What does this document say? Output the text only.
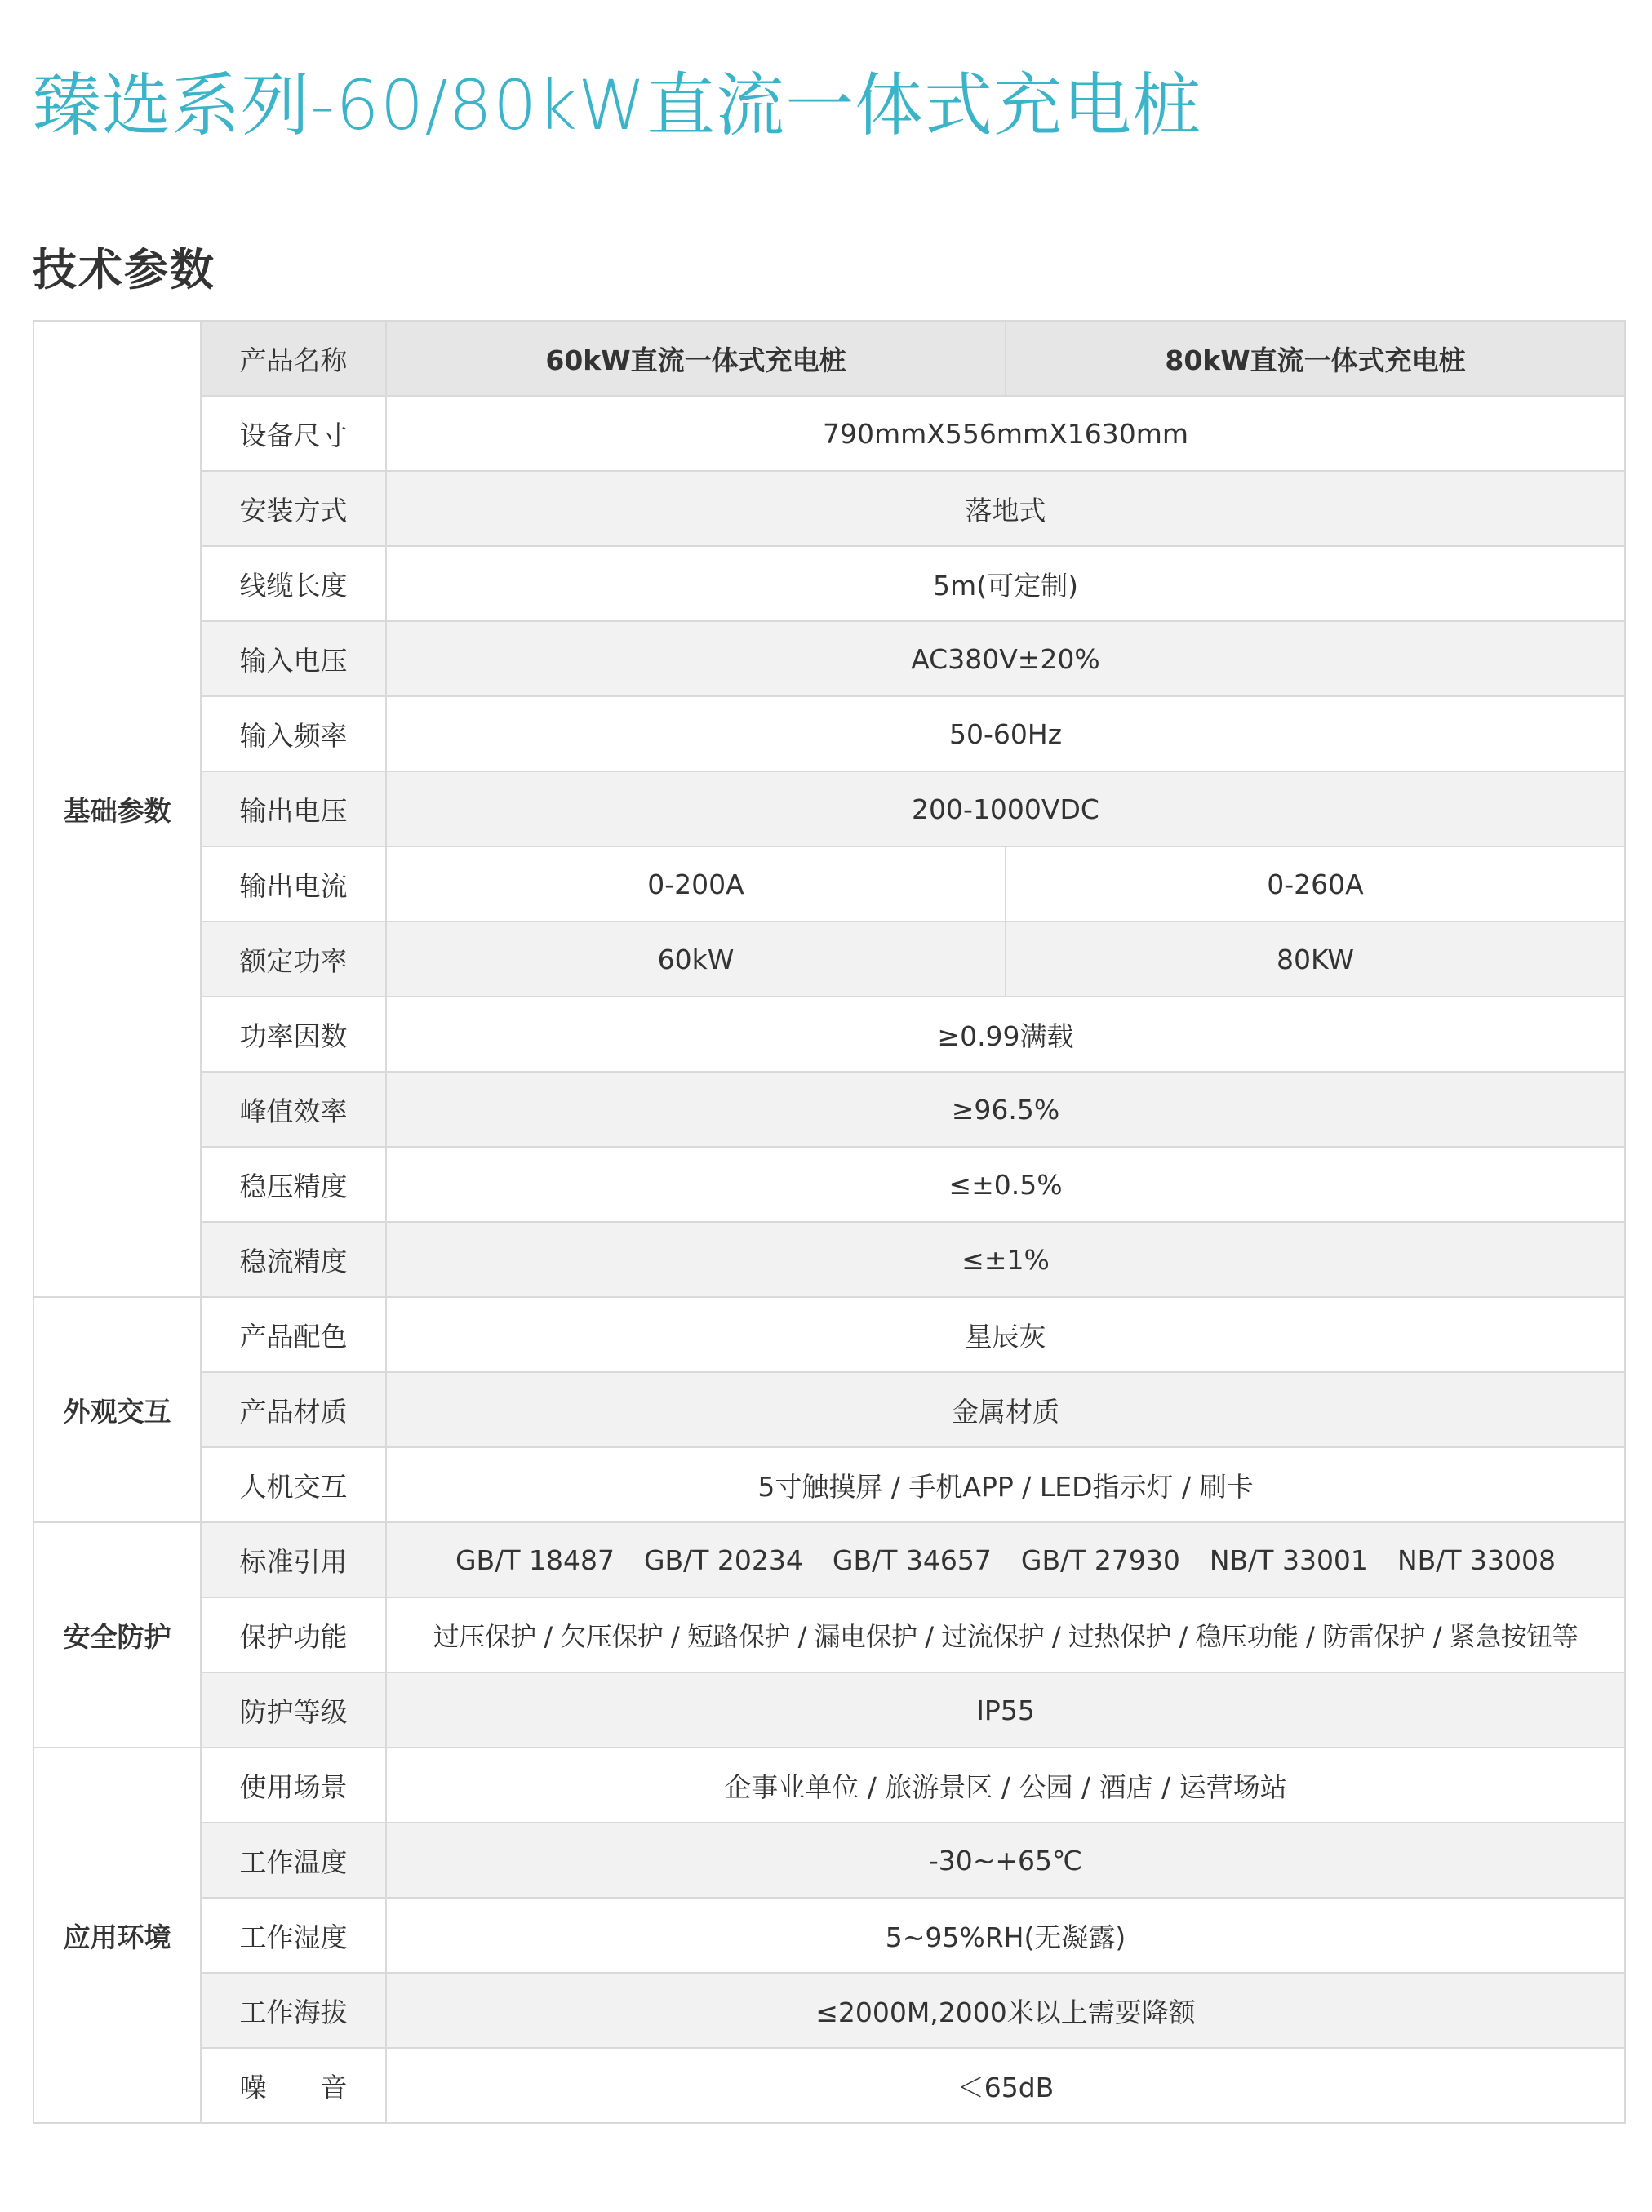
臻选系列-60/80kW直流一体式充电桩
技术参数
基础参数	产品名称	60kW直流一体式充电桩	80kW直流一体式充电桩
	设备尺寸	790mmX556mmX1630mm	
	安装方式	落地式	
	线缆长度	5m(可定制)	
	输入电压	AC380V±20%	
	输入频率	50-60Hz	
	输出电压	200-1000VDC	
	输出电流	0-200A	0-260A
	额定功率	60kW	80KW
	功率因数	≥0.99满载	
	峰值效率	≥96.5%	
	稳压精度	≤±0.5%	
	稳流精度	≤±1%	
外观交互	产品配色	星辰灰	
	产品材质	金属材质	
	人机交互	5寸触摸屏 / 手机APP / LED指示灯 / 刷卡	
安全防护	标准引用	GB/T 18487 GB/T 20234 GB/T 34657 GB/T 27930 NB/T 33001 NB/T 33008	
	保护功能	过压保护 / 欠压保护 / 短路保护 / 漏电保护 / 过流保护 / 过热保护 / 稳压功能 / 防雷保护 / 紧急按钮等	
	防护等级	IP55	
应用环境	使用场景	企事业单位 / 旅游景区 / 公园 / 酒店 / 运营场站	
	工作温度	-30~+65℃	
	工作湿度	5~95%RH(无凝露)	
	工作海拔	≤2000M,2000米以上需要降额	
	噪　　音	＜65dB	
